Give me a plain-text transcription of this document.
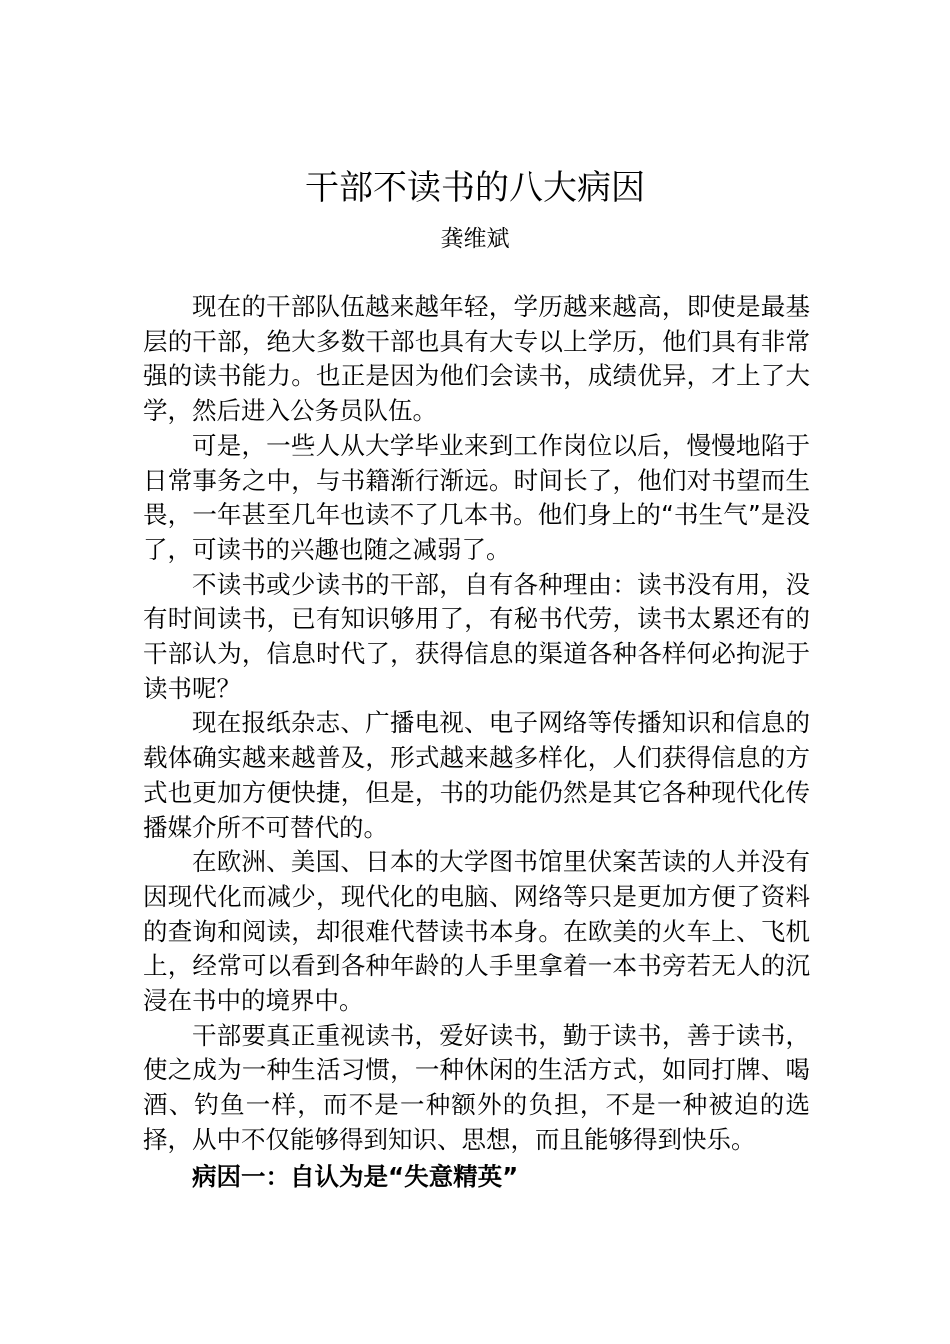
干部不读书的八大病因
龚维斌

现在的干部队伍越来越年轻，学历越来越高，即使是最基层的干部，绝大多数干部也具有大专以上学历，他们具有非常强的读书能力。也正是因为他们会读书，成绩优异，才上了大学，然后进入公务员队伍。

可是，一些人从大学毕业来到工作岗位以后，慢慢地陷于日常事务之中，与书籍渐行渐远。时间长了，他们对书望而生畏，一年甚至几年也读不了几本书。他们身上的“书生气”是没了，可读书的兴趣也随之减弱了。

不读书或少读书的干部，自有各种理由：读书没有用，没有时间读书，已有知识够用了，有秘书代劳，读书太累还有的干部认为，信息时代了，获得信息的渠道各种各样何必拘泥于读书呢？

现在报纸杂志、广播电视、电子网络等传播知识和信息的载体确实越来越普及，形式越来越多样化，人们获得信息的方式也更加方便快捷，但是，书的功能仍然是其它各种现代化传播媒介所不可替代的。

在欧洲、美国、日本的大学图书馆里伏案苦读的人并没有因现代化而减少，现代化的电脑、网络等只是更加方便了资料的查询和阅读，却很难代替读书本身。在欧美的火车上、飞机上，经常可以看到各种年龄的人手里拿着一本书旁若无人的沉浸在书中的境界中。

干部要真正重视读书，爱好读书，勤于读书，善于读书，使之成为一种生活习惯，一种休闲的生活方式，如同打牌、喝酒、钓鱼一样，而不是一种额外的负担，不是一种被迫的选择，从中不仅能够得到知识、思想，而且能够得到快乐。

病因一：自认为是“失意精英”
